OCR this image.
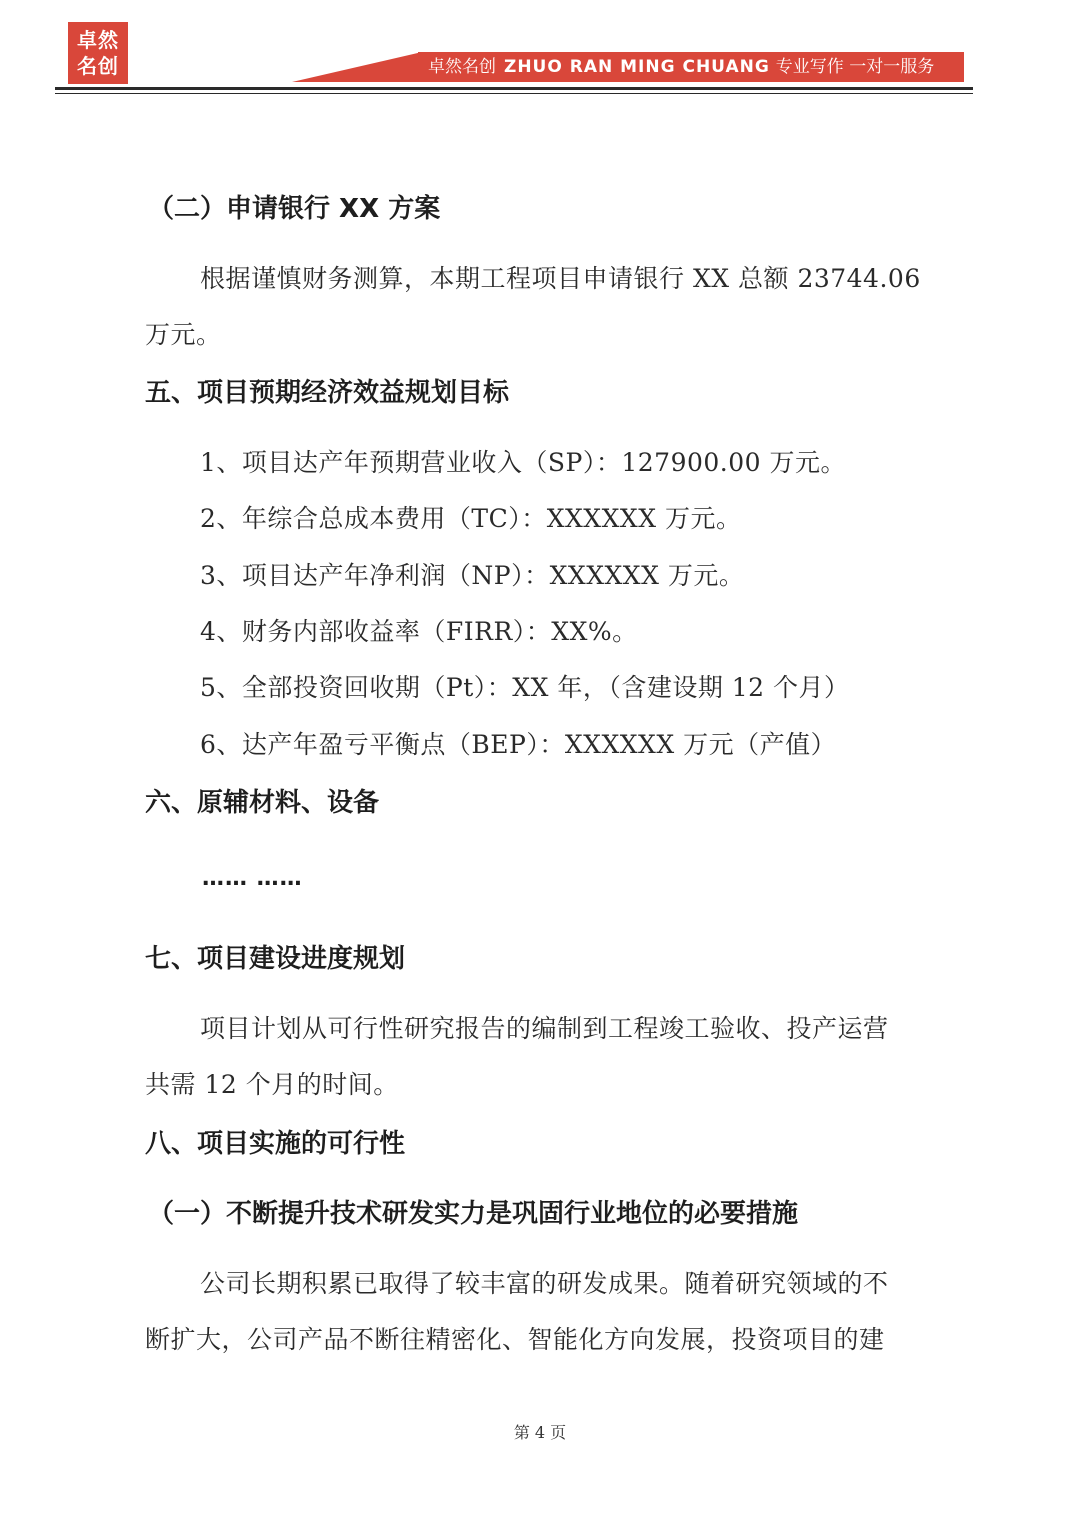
卓然
名创	卓然名创 ZHUO RAN MING CHUANG 专业写作 一对一服务
（二）申请银行 XX 方案
根据谨慎财务测算，本期工程项目申请银行 XX 总额 23744.06
万元。
五、项目预期经济效益规划目标
1、项目达产年预期营业收入（SP）：127900.00 万元。
2、年综合总成本费用（TC）：XXXXXX 万元。
3、项目达产年净利润（NP）：XXXXXX 万元。
4、财务内部收益率（FIRR）：XX%。
5、全部投资回收期（Pt）：XX 年，（含建设期 12 个月）
6、达产年盈亏平衡点（BEP）：XXXXXX 万元（产值）
六、原辅材料、设备
…… ……
七、项目建设进度规划
项目计划从可行性研究报告的编制到工程竣工验收、投产运营
共需 12 个月的时间。
八、项目实施的可行性
（一）不断提升技术研发实力是巩固行业地位的必要措施
公司长期积累已取得了较丰富的研发成果。随着研究领域的不
断扩大，公司产品不断往精密化、智能化方向发展，投资项目的建
第 4 页
